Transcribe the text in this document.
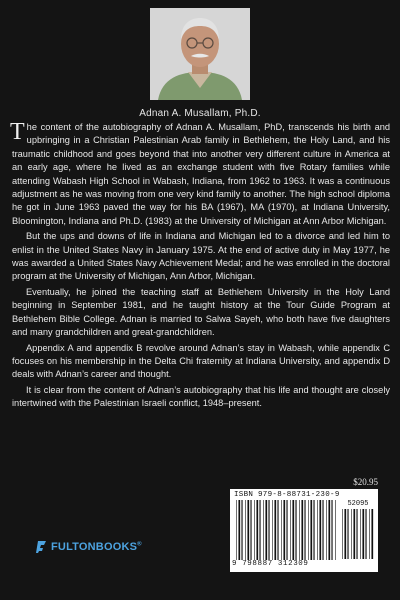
Adnan A. Musallam, Ph.D.

The content of the autobiography of Adnan A. Musallam, PhD, transcends his birth and upbringing in a Christian Palestinian Arab family in Bethlehem, the Holy Land, and his traumatic childhood and goes beyond that into another very different culture in America at an early age, where he lived as an exchange student with five Rotary families while attending Wabash High School in Wabash, Indiana, from 1962 to 1963. It was a continuous adjustment as he was moving from one very kind family to another. The high school diploma he got in June 1963 paved the way for his BA (1967), MA (1970), at Indiana University, Bloomington, Indiana and Ph.D. (1983) at the University of Michigan at Ann Arbor Michigan.

But the ups and downs of life in Indiana and Michigan led to a divorce and led him to enlist in the United States Navy in January 1975. At the end of active duty in May 1977, he was awarded a United States Navy Achievement Medal; and he was enrolled in the doctoral program at the University of Michigan, Ann Arbor, Michigan.

Eventually, he joined the teaching staff at Bethlehem University in the Holy Land beginning in September 1981, and he taught history at the Tour Guide Program at Bethlehem Bible College. Adnan is married to Salwa Sayeh, who both have five daughters and many grandchildren and great-grandchildren.

Appendix A and appendix B revolve around Adnan’s stay in Wabash, while appendix C focuses on his membership in the Delta Chi fraternity at Indiana University, and appendix D deals with Adnan’s career and thought.

It is clear from the content of Adnan’s autobiography that his life and thought are closely intertwined with the Palestinian Israeli conflict, 1948–present.

FULTONBOOKS®
$20.95
ISBN 979-8-88731-230-9
52095
9 798887 312309
